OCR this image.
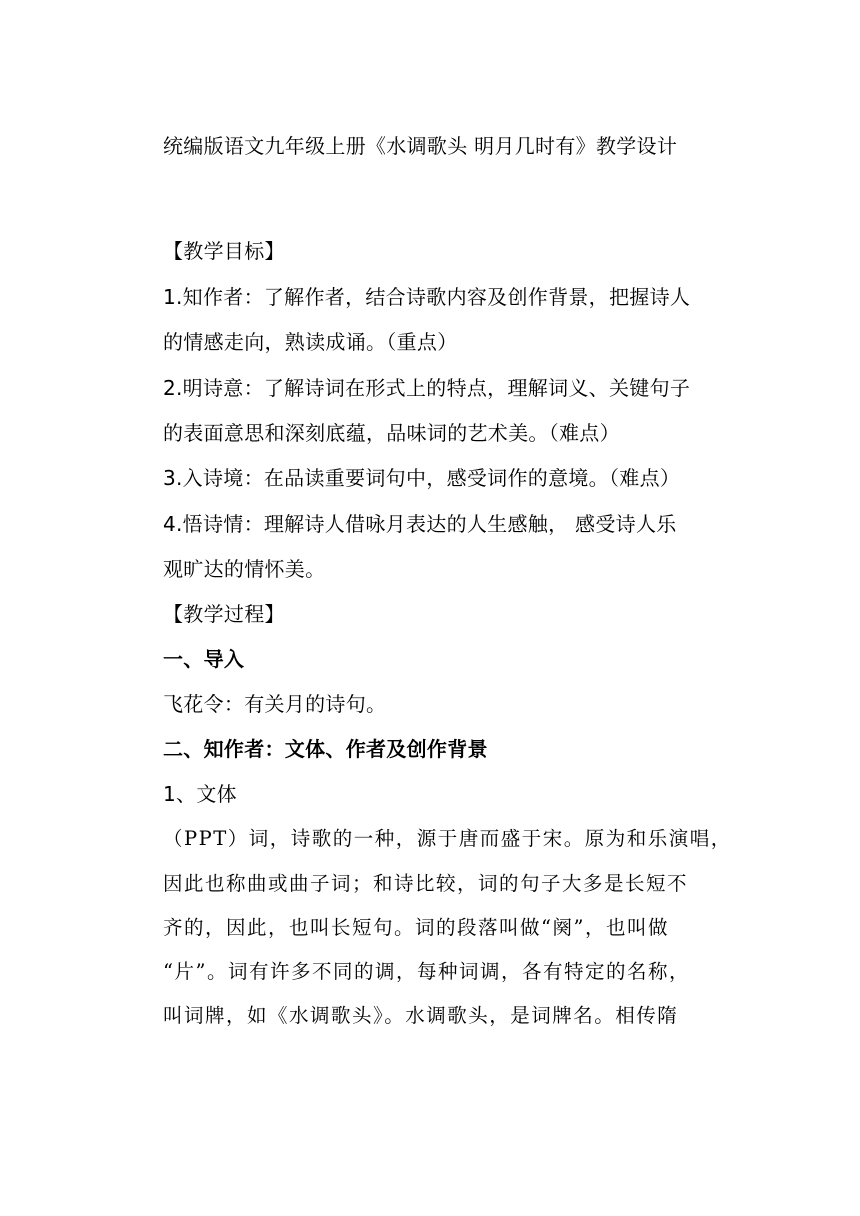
统编版语文九年级上册《水调歌头 明月几时有》教学设计
【教学目标】
1.知作者：了解作者，结合诗歌内容及创作背景，把握诗人
的情感走向，熟读成诵。（重点）
2.明诗意：了解诗词在形式上的特点，理解词义、关键句子
的表面意思和深刻底蕴，品味词的艺术美。（难点）
3.入诗境：在品读重要词句中，感受词作的意境。（难点）
4.悟诗情：理解诗人借咏月表达的人生感触， 感受诗人乐
观旷达的情怀美。
【教学过程】
一、导入
飞花令：有关月的诗句。
二、知作者：文体、作者及创作背景
1、文体
（PPT）词，诗歌的一种，源于唐而盛于宋。原为和乐演唱，
因此也称曲或曲子词；和诗比较，词的句子大多是长短不
齐的，因此，也叫长短句。词的段落叫做“阕”，也叫做
“片”。词有许多不同的调，每种词调，各有特定的名称，
叫词牌，如《水调歌头》。水调歌头，是词牌名。相传隋
